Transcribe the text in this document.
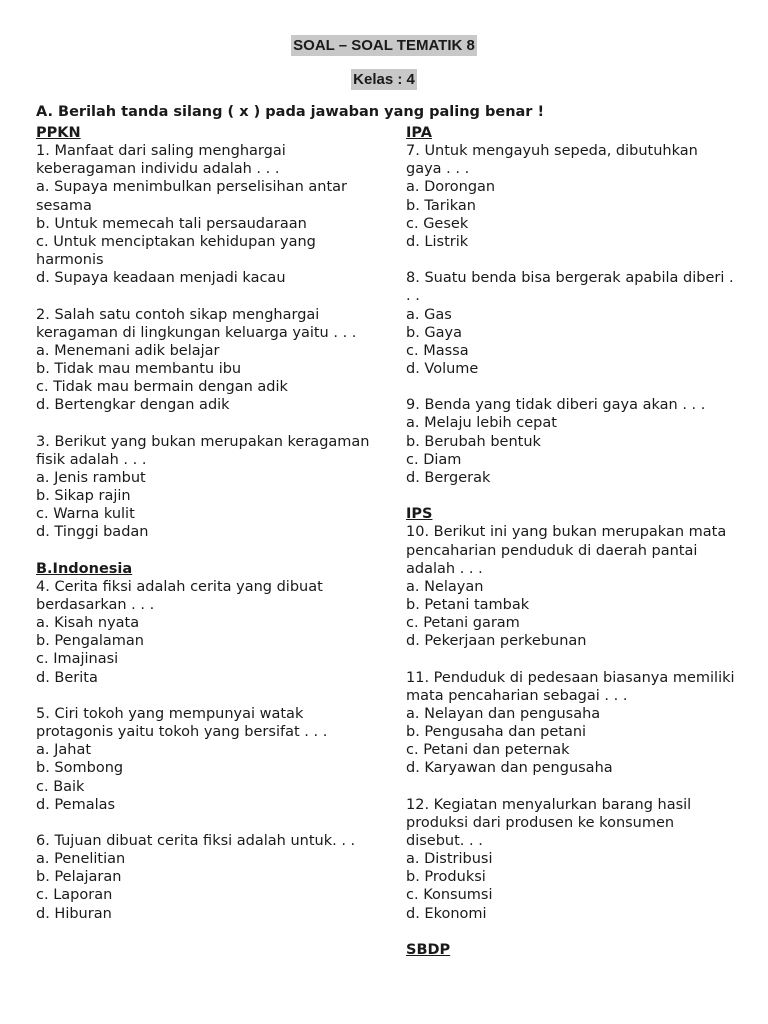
SOAL – SOAL TEMATIK 8
Kelas : 4
A. Berilah tanda silang ( x ) pada jawaban yang paling benar !
PPKN
1. Manfaat dari saling menghargai keberagaman individu adalah . . .
a. Supaya menimbulkan perselisihan antar sesama
b. Untuk memecah tali persaudaraan
c. Untuk menciptakan kehidupan yang harmonis
d. Supaya keadaan menjadi kacau
2. Salah satu contoh sikap menghargai keragaman di lingkungan keluarga yaitu . . .
a. Menemani adik belajar
b. Tidak mau membantu ibu
c. Tidak mau bermain dengan adik
d. Bertengkar dengan adik
3. Berikut yang bukan merupakan keragaman fisik adalah . . .
a. Jenis rambut
b. Sikap rajin
c. Warna kulit
d. Tinggi badan
B.Indonesia
4. Cerita fiksi adalah cerita yang dibuat berdasarkan . . .
a. Kisah nyata
b. Pengalaman
c. Imajinasi
d. Berita
5. Ciri tokoh yang mempunyai watak protagonis yaitu tokoh yang bersifat . . .
a. Jahat
b. Sombong
c. Baik
d. Pemalas
6. Tujuan dibuat cerita fiksi adalah untuk. . .
a. Penelitian
b. Pelajaran
c. Laporan
d. Hiburan
IPA
7. Untuk mengayuh sepeda, dibutuhkan gaya . . .
a. Dorongan
b. Tarikan
c. Gesek
d. Listrik
8. Suatu benda bisa bergerak apabila diberi . . .
a. Gas
b. Gaya
c. Massa
d. Volume
9. Benda yang tidak diberi gaya akan . . .
a. Melaju lebih cepat
b. Berubah bentuk
c. Diam
d. Bergerak
IPS
10. Berikut ini yang bukan merupakan mata pencaharian penduduk di daerah pantai adalah . . .
a. Nelayan
b. Petani tambak
c. Petani garam
d. Pekerjaan perkebunan
11. Penduduk di pedesaan biasanya memiliki mata pencaharian sebagai . . .
a. Nelayan dan pengusaha
b. Pengusaha dan petani
c. Petani dan peternak
d. Karyawan dan pengusaha
12. Kegiatan menyalurkan barang hasil produksi dari produsen ke konsumen disebut. . .
a. Distribusi
b. Produksi
c. Konsumsi
d. Ekonomi
SBDP
